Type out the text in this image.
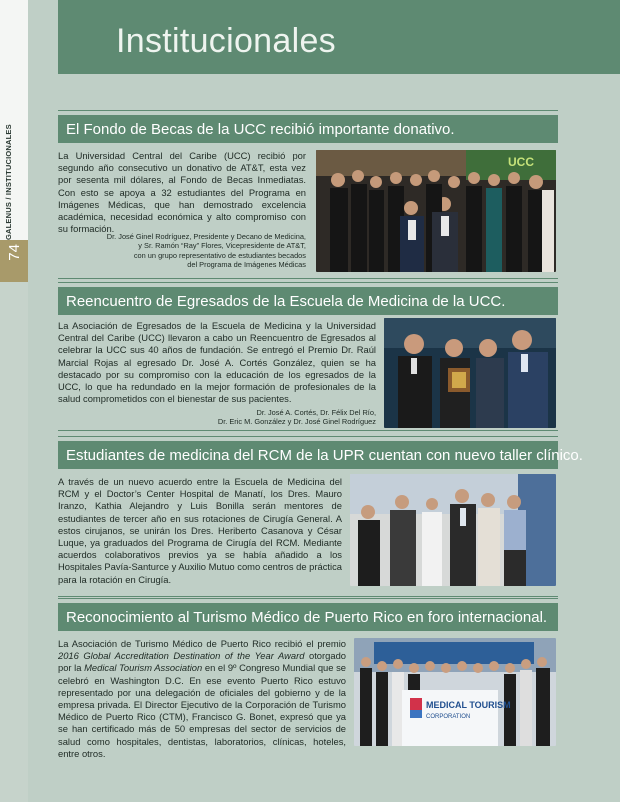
GALENUS / INSTITUCIONALES
74
Institucionales
El Fondo de Becas de la UCC recibió importante donativo.
La Universidad Central del Caribe (UCC) recibió por segundo año consecutivo un donativo de AT&T, esta vez por sesenta mil dólares, al Fondo de Becas Inmediatas. Con esto se apoya a 32 estudiantes del Programa en Imágenes Médicas, que han demostrado excelencia académica, necesidad económica y alto compromiso con su formación.
Dr. José Ginel Rodríguez, Presidente y Decano de Medicina,
y Sr. Ramón “Ray” Flores, Vicepresidente de AT&T,
con un grupo representativo de estudiantes becados
del Programa de Imágenes Médicas
UCC
Reencuentro de Egresados de la Escuela de Medicina de la UCC.
La Asociación de Egresados de la Escuela de Medicina y la Universidad Central del Caribe (UCC) llevaron a cabo un Reencuentro de Egresados al celebrar la UCC sus 40 años de fundación. Se entregó el Premio Dr. Raúl Marcial Rojas al egresado Dr. José A. Cortés González, quien se ha destacado por su compromiso con la educación de los egresados de la UCC, lo que ha redundado en la mejor formación de profesionales de la salud comprometidos con el bienestar de sus pacientes.
Dr. José A. Cortés, Dr. Félix Del Río,
Dr. Eric M. González y Dr. José Ginel Rodríguez
Estudiantes de medicina del RCM de la UPR cuentan con nuevo taller clínico.
A través de un nuevo acuerdo entre la Escuela de Medicina del RCM y el Doctor’s Center Hospital de Manatí, los Dres. Mauro Iranzo, Kathia Alejandro y Luis Bonilla serán mentores de estudiantes de tercer año en sus rotaciones de Cirugía General. A estos cirujanos, se unirán los Dres. Heriberto Casanova y César Luque, ya graduados del Programa de Cirugía del RCM. Mediante acuerdos colaborativos previos ya se había añadido a los Hospitales Pavía-Santurce y Auxilio Mutuo como centros de práctica para la rotación en Cirugía.
Reconocimiento al Turismo Médico de Puerto Rico en foro internacional.
La Asociación de Turismo Médico de Puerto Rico recibió el premio 2016 Global Accreditation Destination of the Year Award otorgado por la Medical Tourism Association en el 9º Congreso Mundial que se celebró en Washington D.C. En ese evento Puerto Rico estuvo representado por una delegación de oficiales del gobierno y de la empresa privada. El Director Ejecutivo de la Corporación de Turismo Médico de Puerto Rico (CTM), Francisco G. Bonet, expresó que ya se han certificado más de 50 empresas del sector de servicios de salud como hospitales, dentistas, laboratorios, clínicas, hoteles, entre otros.
MEDICAL TOURISM
CORPORATION
